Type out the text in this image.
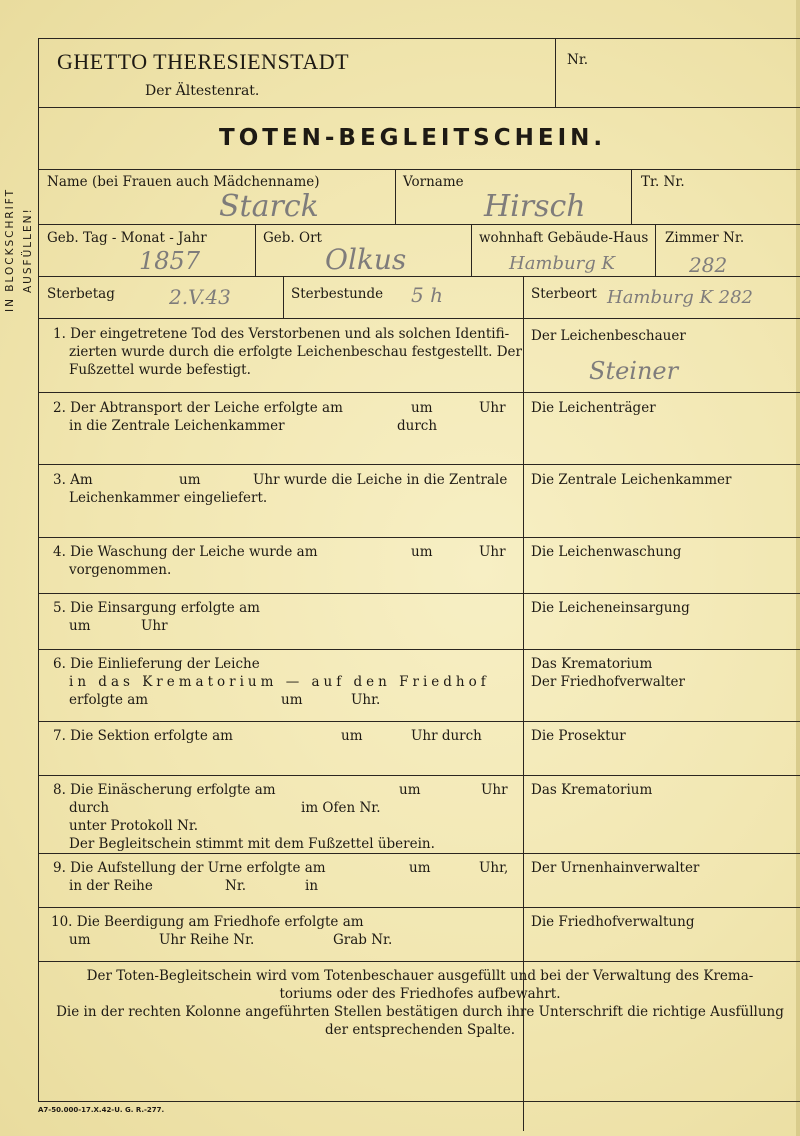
IN BLOCKSCHRIFT AUSFÜLLEN!
GHETTO THERESIENSTADT
Der Ältestenrat.
Nr.
TOTEN-BEGLEITSCHEIN.
Name (bei Frauen auch Mädchenname)
Starck
Vorname
Hirsch
Tr. Nr.
Geb. Tag - Monat - Jahr
1857
Geb. Ort
Olkus
wohnhaft Gebäude-Haus
Hamburg K
Zimmer Nr.
282
Sterbetag	2.V.43	Sterbestunde 5 h	Sterbeort Hamburg K 282
1. Der eingetretene Tod des Verstorbenen und als solchen Identifi-
zierten wurde durch die erfolgte Leichenbeschau festgestellt. Der
Fußzettel wurde befestigt.
Der Leichenbeschauer
Steiner
2. Der Abtransport der Leiche erfolgte am
in die Zentrale Leichenkammer
um	Uhr
durch
Die Leichenträger
3. Am	um	Uhr wurde die Leiche in die Zentrale
Leichenkammer eingeliefert.
Die Zentrale Leichenkammer
4. Die Waschung der Leiche wurde am
vorgenommen.
um	Uhr Die Leichenwaschung
5. Die Einsargung erfolgte am
um	Uhr
Die Leicheneinsargung
6. Die Einlieferung der Leiche
in das Krematorium — auf den Friedhof
erfolgte am	um	Uhr.
Das Krematorium
Der Friedhofverwalter
7. Die Sektion erfolgte am	um	Uhr durch	Die Prosektur
8. Die Einäscherung erfolgte am	um	Uhr
durch	im Ofen Nr.
unter Protokoll Nr.
Der Begleitschein stimmt mit dem Fußzettel überein.
Das Krematorium
9. Die Aufstellung der Urne erfolgte am	um	Uhr,
in der Reihe	Nr.	in
Der Urnenhainverwalter
10. Die Beerdigung am Friedhofe erfolgte am
um	Uhr Reihe Nr.	Grab Nr.
Die Friedhofverwaltung
Der Toten-Begleitschein wird vom Totenbeschauer ausgefüllt und bei der Verwaltung des Krema-
toriums oder des Friedhofes aufbewahrt.
Die in der rechten Kolonne angeführten Stellen bestätigen durch ihre Unterschrift die richtige Ausfüllung
der entsprechenden Spalte.
A7-50.000-17.X.42-U. G. R.-277.
